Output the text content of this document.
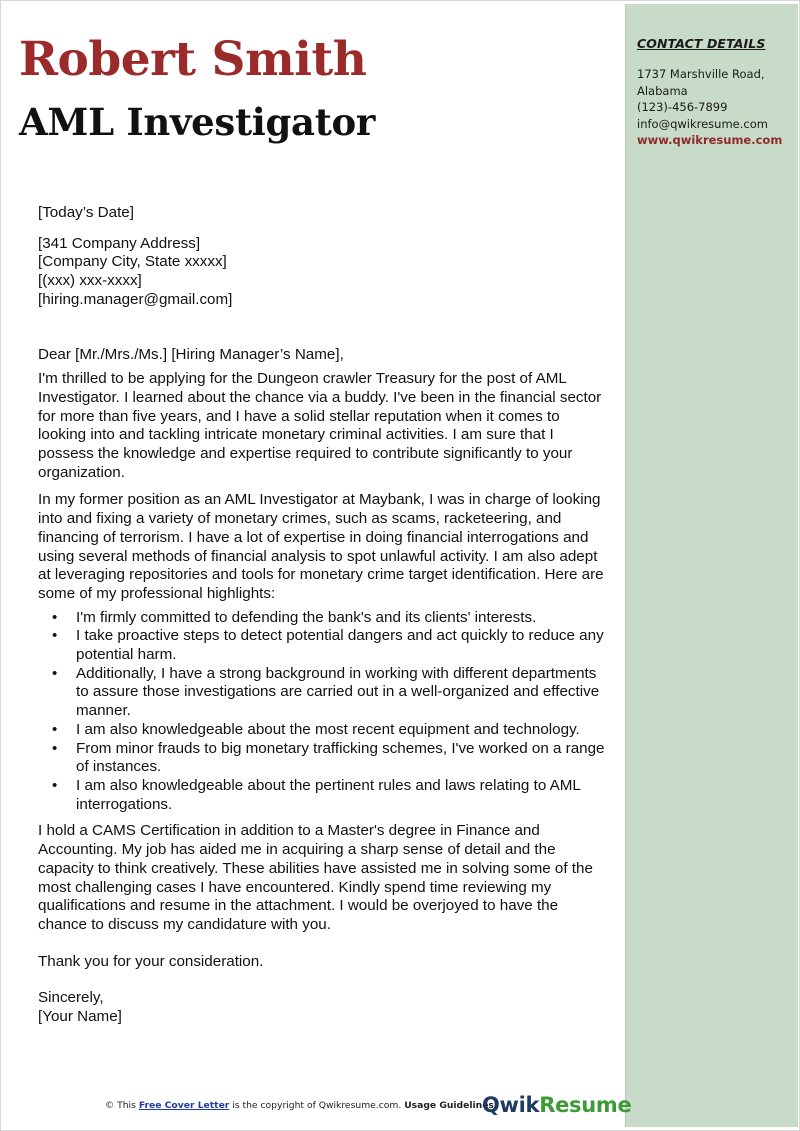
Robert Smith
AML Investigator
CONTACT DETAILS
1737 Marshville Road,
Alabama
(123)-456-7899
info@qwikresume.com
www.qwikresume.com

[Today’s Date]

[341 Company Address]

[Company City, State xxxxx]

[(xxx) xxx-xxxx]

[hiring.manager@gmail.com]

Dear [Mr./Mrs./Ms.] [Hiring Manager’s Name],

I'm thrilled to be applying for the Dungeon crawler Treasury for the post of AML Investigator. I learned about the chance via a buddy. I've been in the financial sector for more than five years, and I have a solid stellar reputation when it comes to looking into and tackling intricate monetary criminal activities. I am sure that I possess the knowledge and expertise required to contribute significantly to your organization.

In my former position as an AML Investigator at Maybank, I was in charge of looking into and fixing a variety of monetary crimes, such as scams, racketeering, and financing of terrorism. I have a lot of expertise in doing financial interrogations and using several methods of financial analysis to spot unlawful activity. I am also adept at leveraging repositories and tools for monetary crime target identification. Here are some of my professional highlights:

• I'm firmly committed to defending the bank's and its clients' interests.
• I take proactive steps to detect potential dangers and act quickly to reduce any potential harm.
• Additionally, I have a strong background in working with different departments to assure those investigations are carried out in a well-organized and effective manner.
• I am also knowledgeable about the most recent equipment and technology.
• From minor frauds to big monetary trafficking schemes, I've worked on a range of instances.
• I am also knowledgeable about the pertinent rules and laws relating to AML interrogations.

I hold a CAMS Certification in addition to a Master's degree in Finance and Accounting. My job has aided me in acquiring a sharp sense of detail and the capacity to think creatively. These abilities have assisted me in solving some of the most challenging cases I have encountered. Kindly spend time reviewing my qualifications and resume in the attachment. I would be overjoyed to have the chance to discuss my candidature with you.

Thank you for your consideration.

Sincerely,

[Your Name]

© This Free Cover Letter is the copyright of Qwikresume.com. Usage Guidelines
QwikResume
